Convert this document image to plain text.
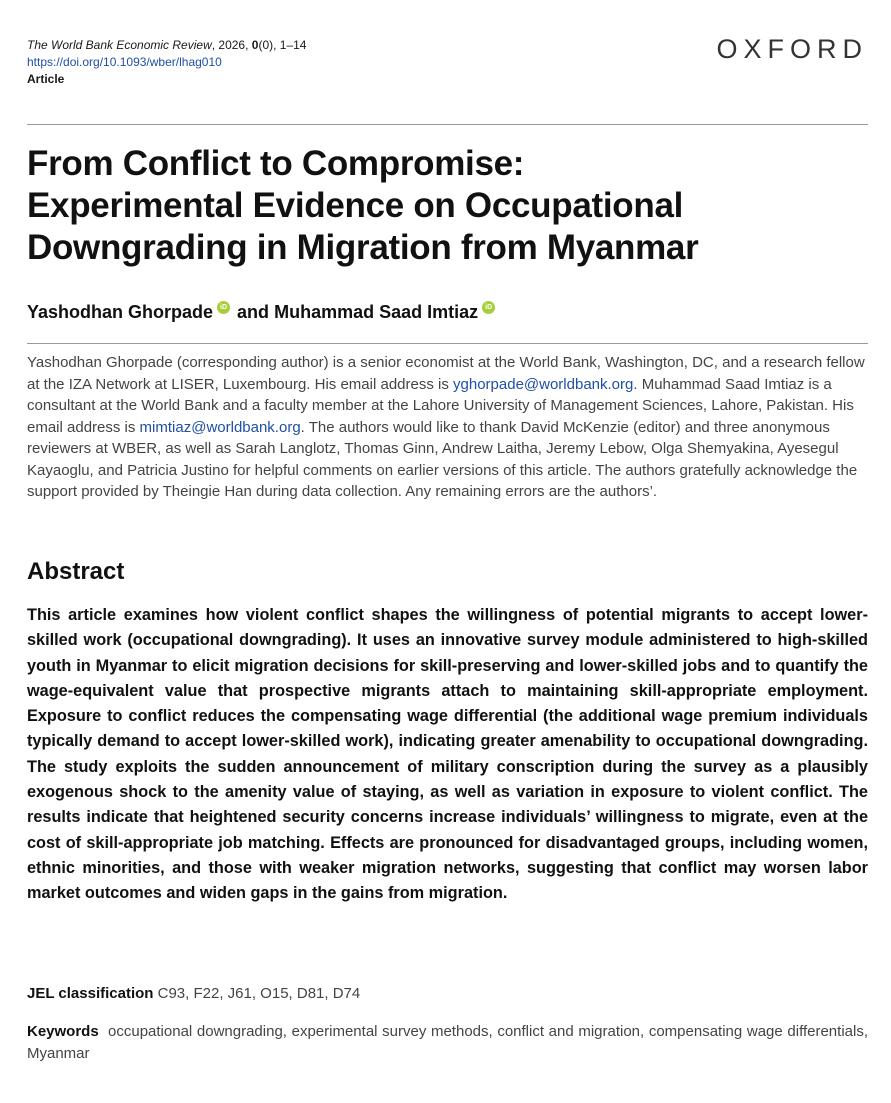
The World Bank Economic Review, 2026, 0(0), 1–14
https://doi.org/10.1093/wber/lhag010
Article
OXFORD
From Conflict to Compromise:
Experimental Evidence on Occupational
Downgrading in Migration from Myanmar
Yashodhan Ghorpade iD and Muhammad Saad Imtiaz iD
Yashodhan Ghorpade (corresponding author) is a senior economist at the World Bank, Washington, DC, and a research fellow at the IZA Network at LISER, Luxembourg. His email address is yghorpade@worldbank.org. Muhammad Saad Imtiaz is a consultant at the World Bank and a faculty member at the Lahore University of Management Sciences, Lahore, Pakistan. His email address is mimtiaz@worldbank.org. The authors would like to thank David McKenzie (editor) and three anonymous reviewers at WBER, as well as Sarah Langlotz, Thomas Ginn, Andrew Laitha, Jeremy Lebow, Olga Shemyakina, Ayesegul Kayaoglu, and Patricia Justino for helpful comments on earlier versions of this article. The authors gratefully acknowledge the support provided by Theingie Han during data collection. Any remaining errors are the authors’.
Abstract
This article examines how violent conflict shapes the willingness of potential migrants to accept lower-skilled work (occupational downgrading). It uses an innovative survey module administered to high-skilled youth in Myanmar to elicit migration decisions for skill-preserving and lower-skilled jobs and to quantify the wage-equivalent value that prospective migrants attach to maintaining skill-appropriate employment. Exposure to conflict reduces the compensating wage differential (the additional wage premium individuals typically demand to accept lower-skilled work), indicating greater amenability to occupational downgrading. The study exploits the sudden announcement of military conscription during the survey as a plausibly exogenous shock to the amenity value of staying, as well as variation in exposure to violent conflict. The results indicate that heightened security concerns increase individuals’ willingness to migrate, even at the cost of skill-appropriate job matching. Effects are pronounced for disadvantaged groups, including women, ethnic minorities, and those with weaker migration networks, suggesting that conflict may worsen labor market outcomes and widen gaps in the gains from migration.
JEL classification C93, F22, J61, O15, D81, D74
Keywords occupational downgrading, experimental survey methods, conflict and migration, compensating wage differentials, Myanmar
